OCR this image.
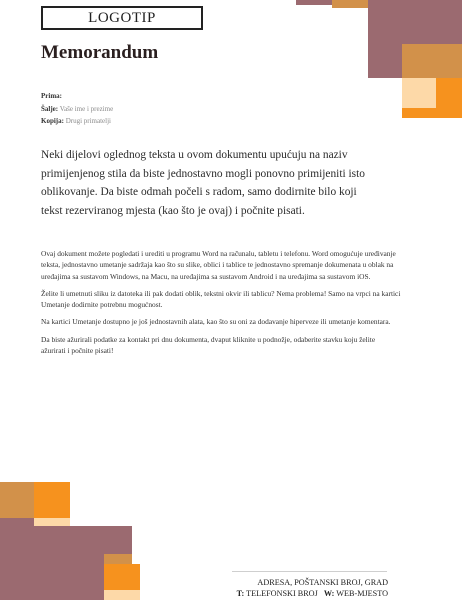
LOGOTIP
Memorandum
Prima:
Šalje: Vaše ime i prezime
Kopija: Drugi primatelji

Neki dijelovi oglednog teksta u ovom dokumentu upućuju na naziv primijenjenog stila da biste jednostavno mogli ponovno primijeniti isto oblikovanje. Da biste odmah počeli s radom, samo dodirnite bilo koji tekst rezerviranog mjesta (kao što je ovaj) i počnite pisati.

Ovaj dokument možete pogledati i urediti u programu Word na računalu, tabletu i telefonu. Word omogućuje uređivanje teksta, jednostavno umetanje sadržaja kao što su slike, oblici i tablice te jednostavno spremanje dokumenata u oblak na uređajima sa sustavom Windows, na Macu, na uređajima sa sustavom Android i na uređajima sa sustavom iOS.

Želite li umetnuti sliku iz datoteka ili pak dodati oblik, tekstni okvir ili tablicu? Nema problema! Samo na vrpci na kartici Umetanje dodirnite potrebnu mogućnost.

Na kartici Umetanje dostupno je još jednostavnih alata, kao što su oni za dodavanje hiperveze ili umetanje komentara.

Da biste ažurirali podatke za kontakt pri dnu dokumenta, dvaput kliknite u podnožje, odaberite stavku koju želite ažurirati i počnite pisati!

ADRESA, POŠTANSKI BROJ, GRAD
T: TELEFONSKI BROJ W: WEB-MJESTO
